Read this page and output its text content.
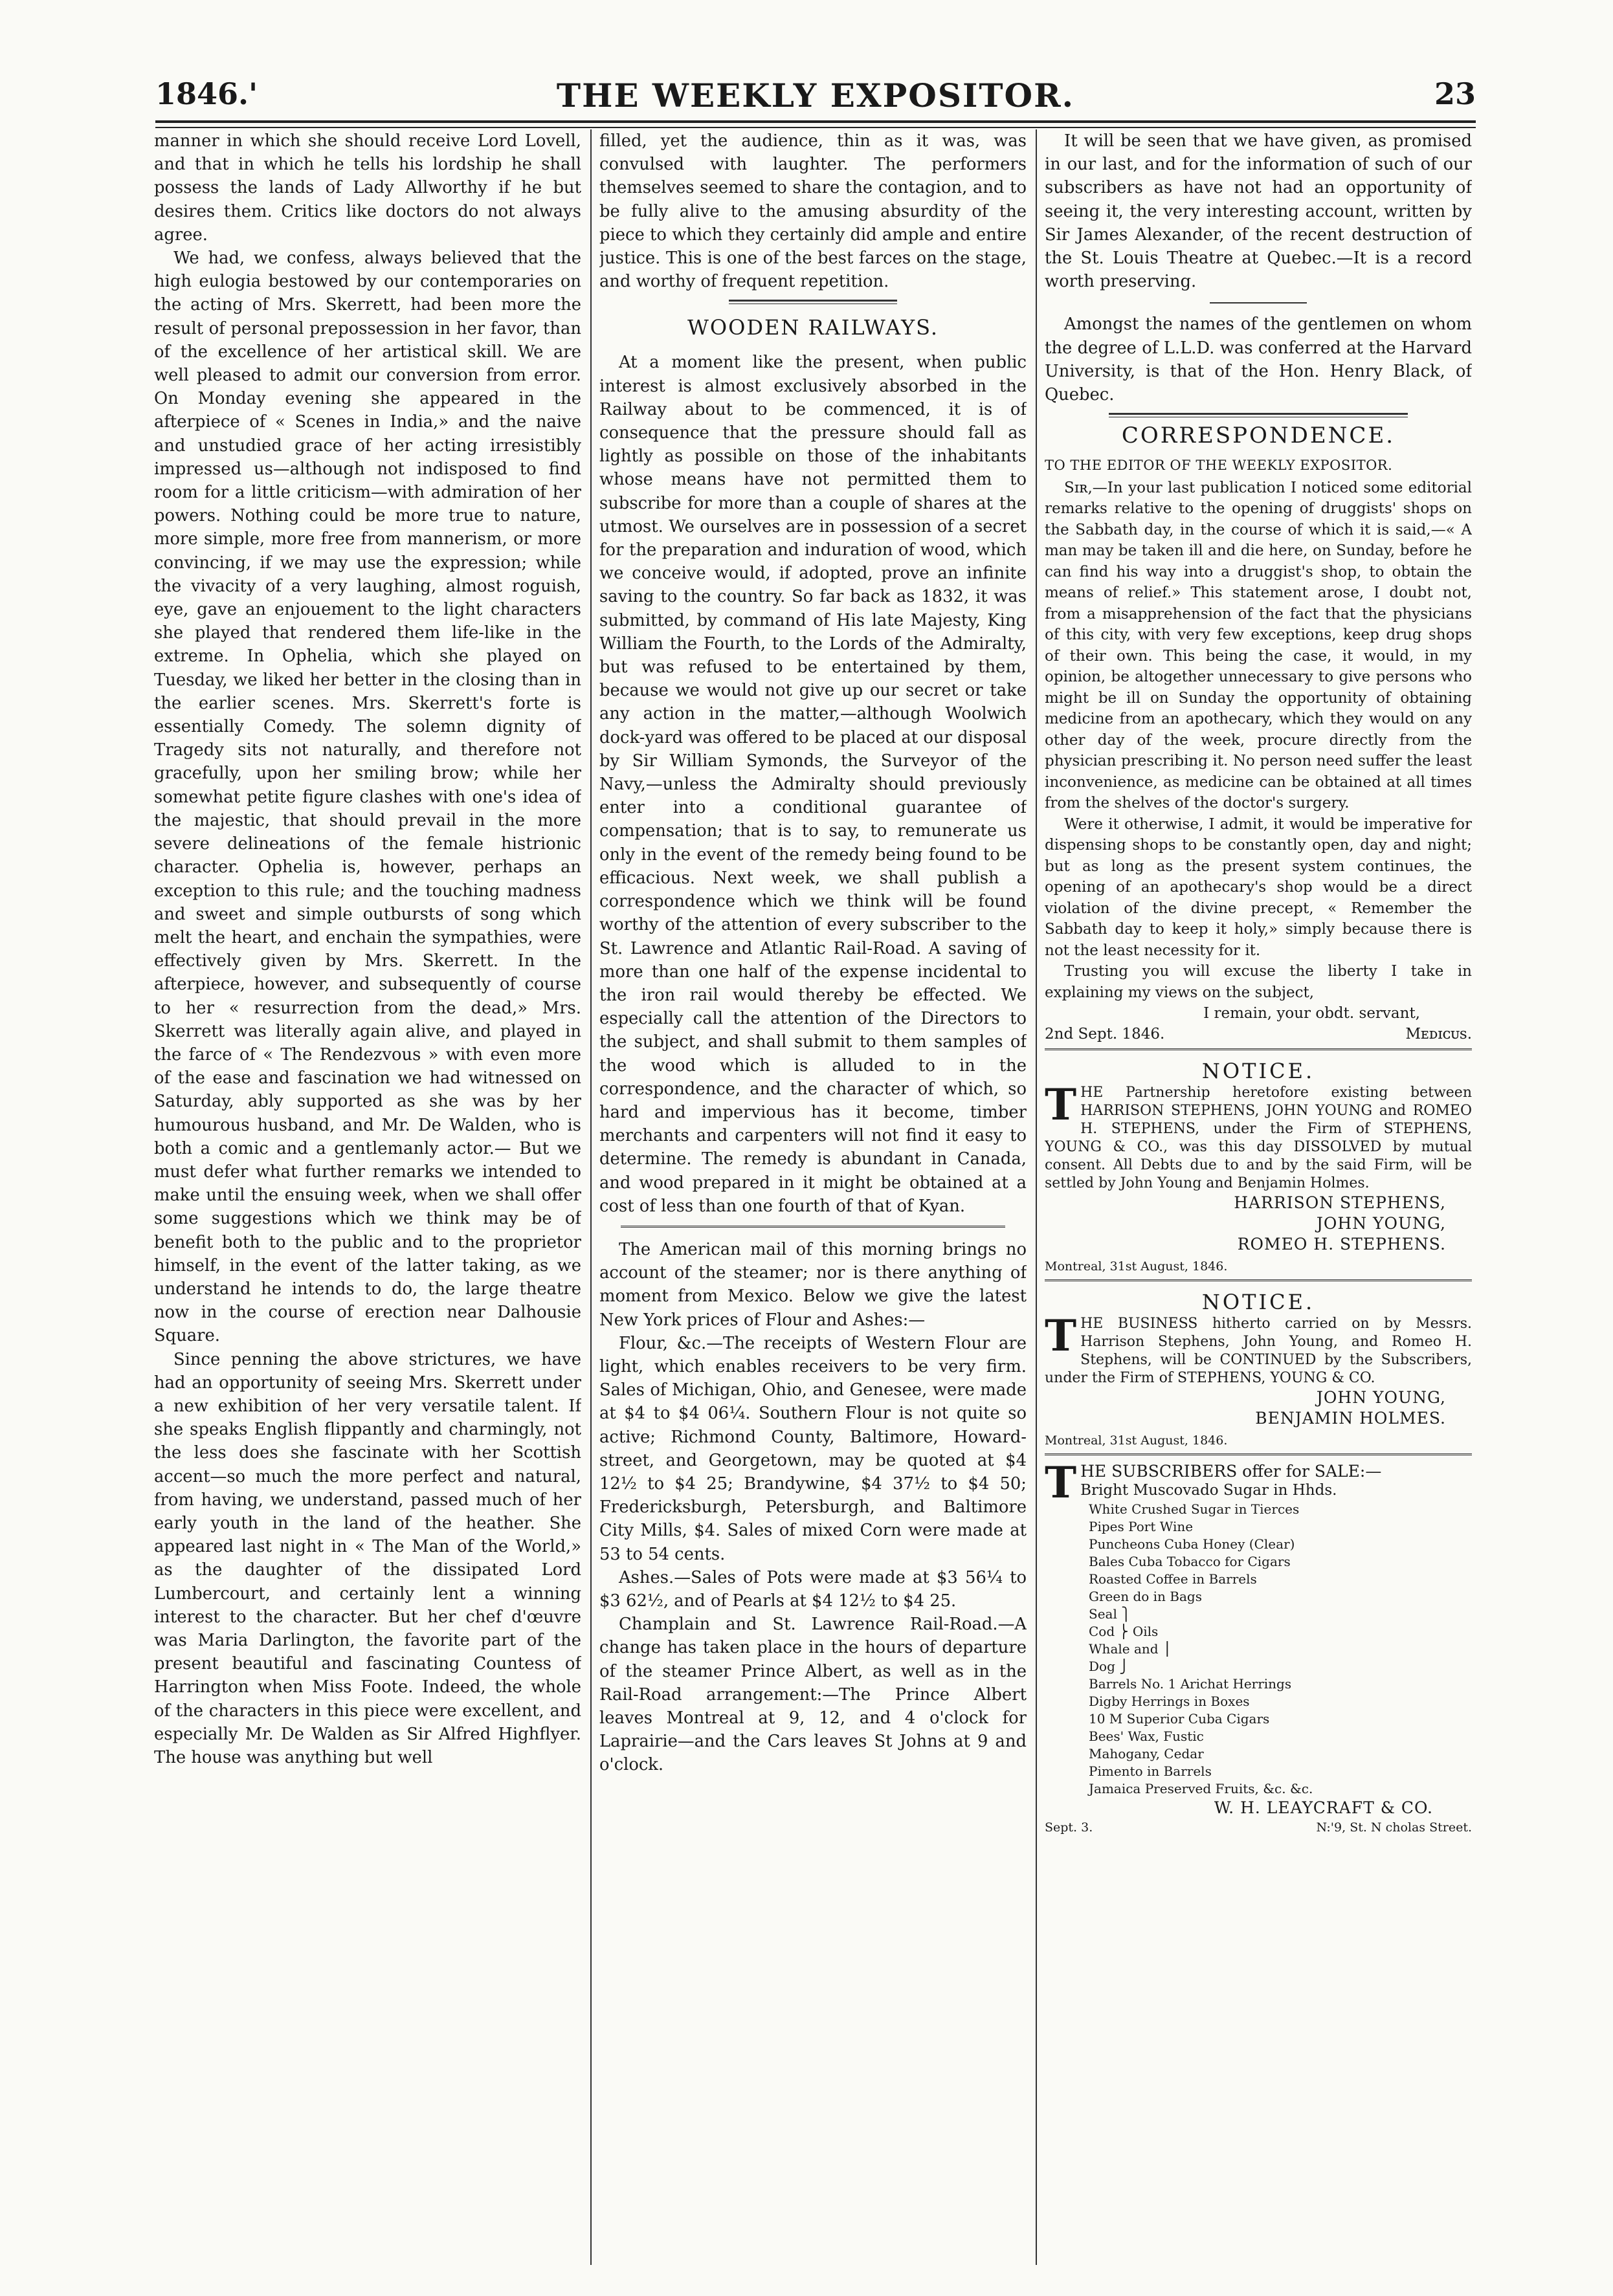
1846.'	THE WEEKLY EXPOSITOR.	23

manner in which she should receive Lord Lovell, and that in which he tells his lordship he shall possess the lands of Lady Allworthy if he but desires them. Critics like doctors do not always agree.

We had, we confess, always believed that the high eulogia bestowed by our contemporaries on the acting of Mrs. Skerrett, had been more the result of personal prepossession in her favor, than of the excellence of her artistical skill. We are well pleased to admit our conversion from error. On Monday evening she appeared in the afterpiece of « Scenes in India,» and the naive and unstudied grace of her acting irresistibly impressed us—although not indisposed to find room for a little criticism—with admiration of her powers. Nothing could be more true to nature, more simple, more free from mannerism, or more convincing, if we may use the expression; while the vivacity of a very laughing, almost roguish, eye, gave an enjouement to the light characters she played that rendered them life-like in the extreme. In Ophelia, which she played on Tuesday, we liked her better in the closing than in the earlier scenes. Mrs. Skerrett's forte is essentially Comedy. The solemn dignity of Tragedy sits not naturally, and therefore not gracefully, upon her smiling brow; while her somewhat petite figure clashes with one's idea of the majestic, that should prevail in the more severe delineations of the female histrionic character. Ophelia is, however, perhaps an exception to this rule; and the touching madness and sweet and simple outbursts of song which melt the heart, and enchain the sympathies, were effectively given by Mrs. Skerrett. In the afterpiece, however, and subsequently of course to her « resurrection from the dead,» Mrs. Skerrett was literally again alive, and played in the farce of « The Rendezvous » with even more of the ease and fascination we had witnessed on Saturday, ably supported as she was by her humourous husband, and Mr. De Walden, who is both a comic and a gentlemanly actor.— But we must defer what further remarks we intended to make until the ensuing week, when we shall offer some suggestions which we think may be of benefit both to the public and to the proprietor himself, in the event of the latter taking, as we understand he intends to do, the large theatre now in the course of erection near Dalhousie Square.

Since penning the above strictures, we have had an opportunity of seeing Mrs. Skerrett under a new exhibition of her very versatile talent. If she speaks English flippantly and charmingly, not the less does she fascinate with her Scottish accent—so much the more perfect and natural, from having, we understand, passed much of her early youth in the land of the heather. She appeared last night in « The Man of the World,» as the daughter of the dissipated Lord Lumbercourt, and certainly lent a winning interest to the character. But her chef d'œuvre was Maria Darlington, the favorite part of the present beautiful and fascinating Countess of Harrington when Miss Foote. Indeed, the whole of the characters in this piece were excellent, and especially Mr. De Walden as Sir Alfred Highflyer. The house was anything but well

filled, yet the audience, thin as it was, was convulsed with laughter. The performers themselves seemed to share the contagion, and to be fully alive to the amusing absurdity of the piece to which they certainly did ample and entire justice. This is one of the best farces on the stage, and worthy of frequent repetition.

WOODEN RAILWAYS.

At a moment like the present, when public interest is almost exclusively absorbed in the Railway about to be commenced, it is of consequence that the pressure should fall as lightly as possible on those of the inhabitants whose means have not permitted them to subscribe for more than a couple of shares at the utmost. We ourselves are in possession of a secret for the preparation and induration of wood, which we conceive would, if adopted, prove an infinite saving to the country. So far back as 1832, it was submitted, by command of His late Majesty, King William the Fourth, to the Lords of the Admiralty, but was refused to be entertained by them, because we would not give up our secret or take any action in the matter,—although Woolwich dock-yard was offered to be placed at our disposal by Sir William Symonds, the Surveyor of the Navy,—unless the Admiralty should previously enter into a conditional guarantee of compensation; that is to say, to remunerate us only in the event of the remedy being found to be efficacious. Next week, we shall publish a correspondence which we think will be found worthy of the attention of every subscriber to the St. Lawrence and Atlantic Rail-Road. A saving of more than one half of the expense incidental to the iron rail would thereby be effected. We especially call the attention of the Directors to the subject, and shall submit to them samples of the wood which is alluded to in the correspondence, and the character of which, so hard and impervious has it become, timber merchants and carpenters will not find it easy to determine. The remedy is abundant in Canada, and wood prepared in it might be obtained at a cost of less than one fourth of that of Kyan.

The American mail of this morning brings no account of the steamer; nor is there anything of moment from Mexico. Below we give the latest New York prices of Flour and Ashes:—

Flour, &c.—The receipts of Western Flour are light, which enables receivers to be very firm. Sales of Michigan, Ohio, and Genesee, were made at $4 to $4 06¼. Southern Flour is not quite so active; Richmond County, Baltimore, Howard-street, and Georgetown, may be quoted at $4 12½ to $4 25; Brandywine, $4 37½ to $4 50; Fredericksburgh, Petersburgh, and Baltimore City Mills, $4. Sales of mixed Corn were made at 53 to 54 cents.

Ashes.—Sales of Pots were made at $3 56¼ to $3 62½, and of Pearls at $4 12½ to $4 25.

Champlain and St. Lawrence Rail-Road.—A change has taken place in the hours of departure of the steamer Prince Albert, as well as in the Rail-Road arrangement:—The Prince Albert leaves Montreal at 9, 12, and 4 o'clock for Laprairie—and the Cars leaves St Johns at 9 and o'clock.

It will be seen that we have given, as promised in our last, and for the information of such of our subscribers as have not had an opportunity of seeing it, the very interesting account, written by Sir James Alexander, of the recent destruction of the St. Louis Theatre at Quebec.—It is a record worth preserving.

Amongst the names of the gentlemen on whom the degree of L.L.D. was conferred at the Harvard University, is that of the Hon. Henry Black, of Quebec.

CORRESPONDENCE.

TO THE EDITOR OF THE WEEKLY EXPOSITOR.

Sɪʀ,—In your last publication I noticed some editorial remarks relative to the opening of druggists' shops on the Sabbath day, in the course of which it is said,—« A man may be taken ill and die here, on Sunday, before he can find his way into a druggist's shop, to obtain the means of relief.» This statement arose, I doubt not, from a misapprehension of the fact that the physicians of this city, with very few exceptions, keep drug shops of their own. This being the case, it would, in my opinion, be altogether unnecessary to give persons who might be ill on Sunday the opportunity of obtaining medicine from an apothecary, which they would on any other day of the week, procure directly from the physician prescribing it. No person need suffer the least inconvenience, as medicine can be obtained at all times from the shelves of the doctor's surgery.

Were it otherwise, I admit, it would be imperative for dispensing shops to be constantly open, day and night; but as long as the present system continues, the opening of an apothecary's shop would be a direct violation of the divine precept, « Remember the Sabbath day to keep it holy,» simply because there is not the least necessity for it.

Trusting you will excuse the liberty I take in explaining my views on the subject,

I remain, your obdt. servant,
2nd Sept. 1846.	Mᴇᴅɪᴄᴜs.
NOTICE.
T HE Partnership heretofore existing between HARRISON STEPHENS, JOHN YOUNG and ROMEO H. STEPHENS, under the Firm of STEPHENS, YOUNG & CO., was this day DISSOLVED by mutual consent. All Debts due to and by the said Firm, will be settled by John Young and Benjamin Holmes.
HARRISON STEPHENS,
JOHN YOUNG,
ROMEO H. STEPHENS.
Montreal, 31st August, 1846.
NOTICE.
T HE BUSINESS hitherto carried on by Messrs. Harrison Stephens, John Young, and Romeo H. Stephens, will be CONTINUED by the Subscribers, under the Firm of STEPHENS, YOUNG & CO.
JOHN YOUNG,
BENJAMIN HOLMES.
Montreal, 31st August, 1846.
T HE SUBSCRIBERS offer for SALE:—
Bright Muscovado Sugar in Hhds.
White Crushed Sugar in Tierces
Pipes Port Wine
Puncheons Cuba Honey (Clear)
Bales Cuba Tobacco for Cigars
Roasted Coffee in Barrels
Green do in Bags
Seal ⎫
Cod ⎬ Oils
Whale and ⎪
Dog ⎭
Barrels No. 1 Arichat Herrings
Digby Herrings in Boxes
10 M Superior Cuba Cigars
Bees' Wax, Fustic
Mahogany, Cedar
Pimento in Barrels
Jamaica Preserved Fruits, &c. &c.
W. H. LEAYCRAFT & CO.
Sept. 3.	N:'9, St. N cholas Street.
